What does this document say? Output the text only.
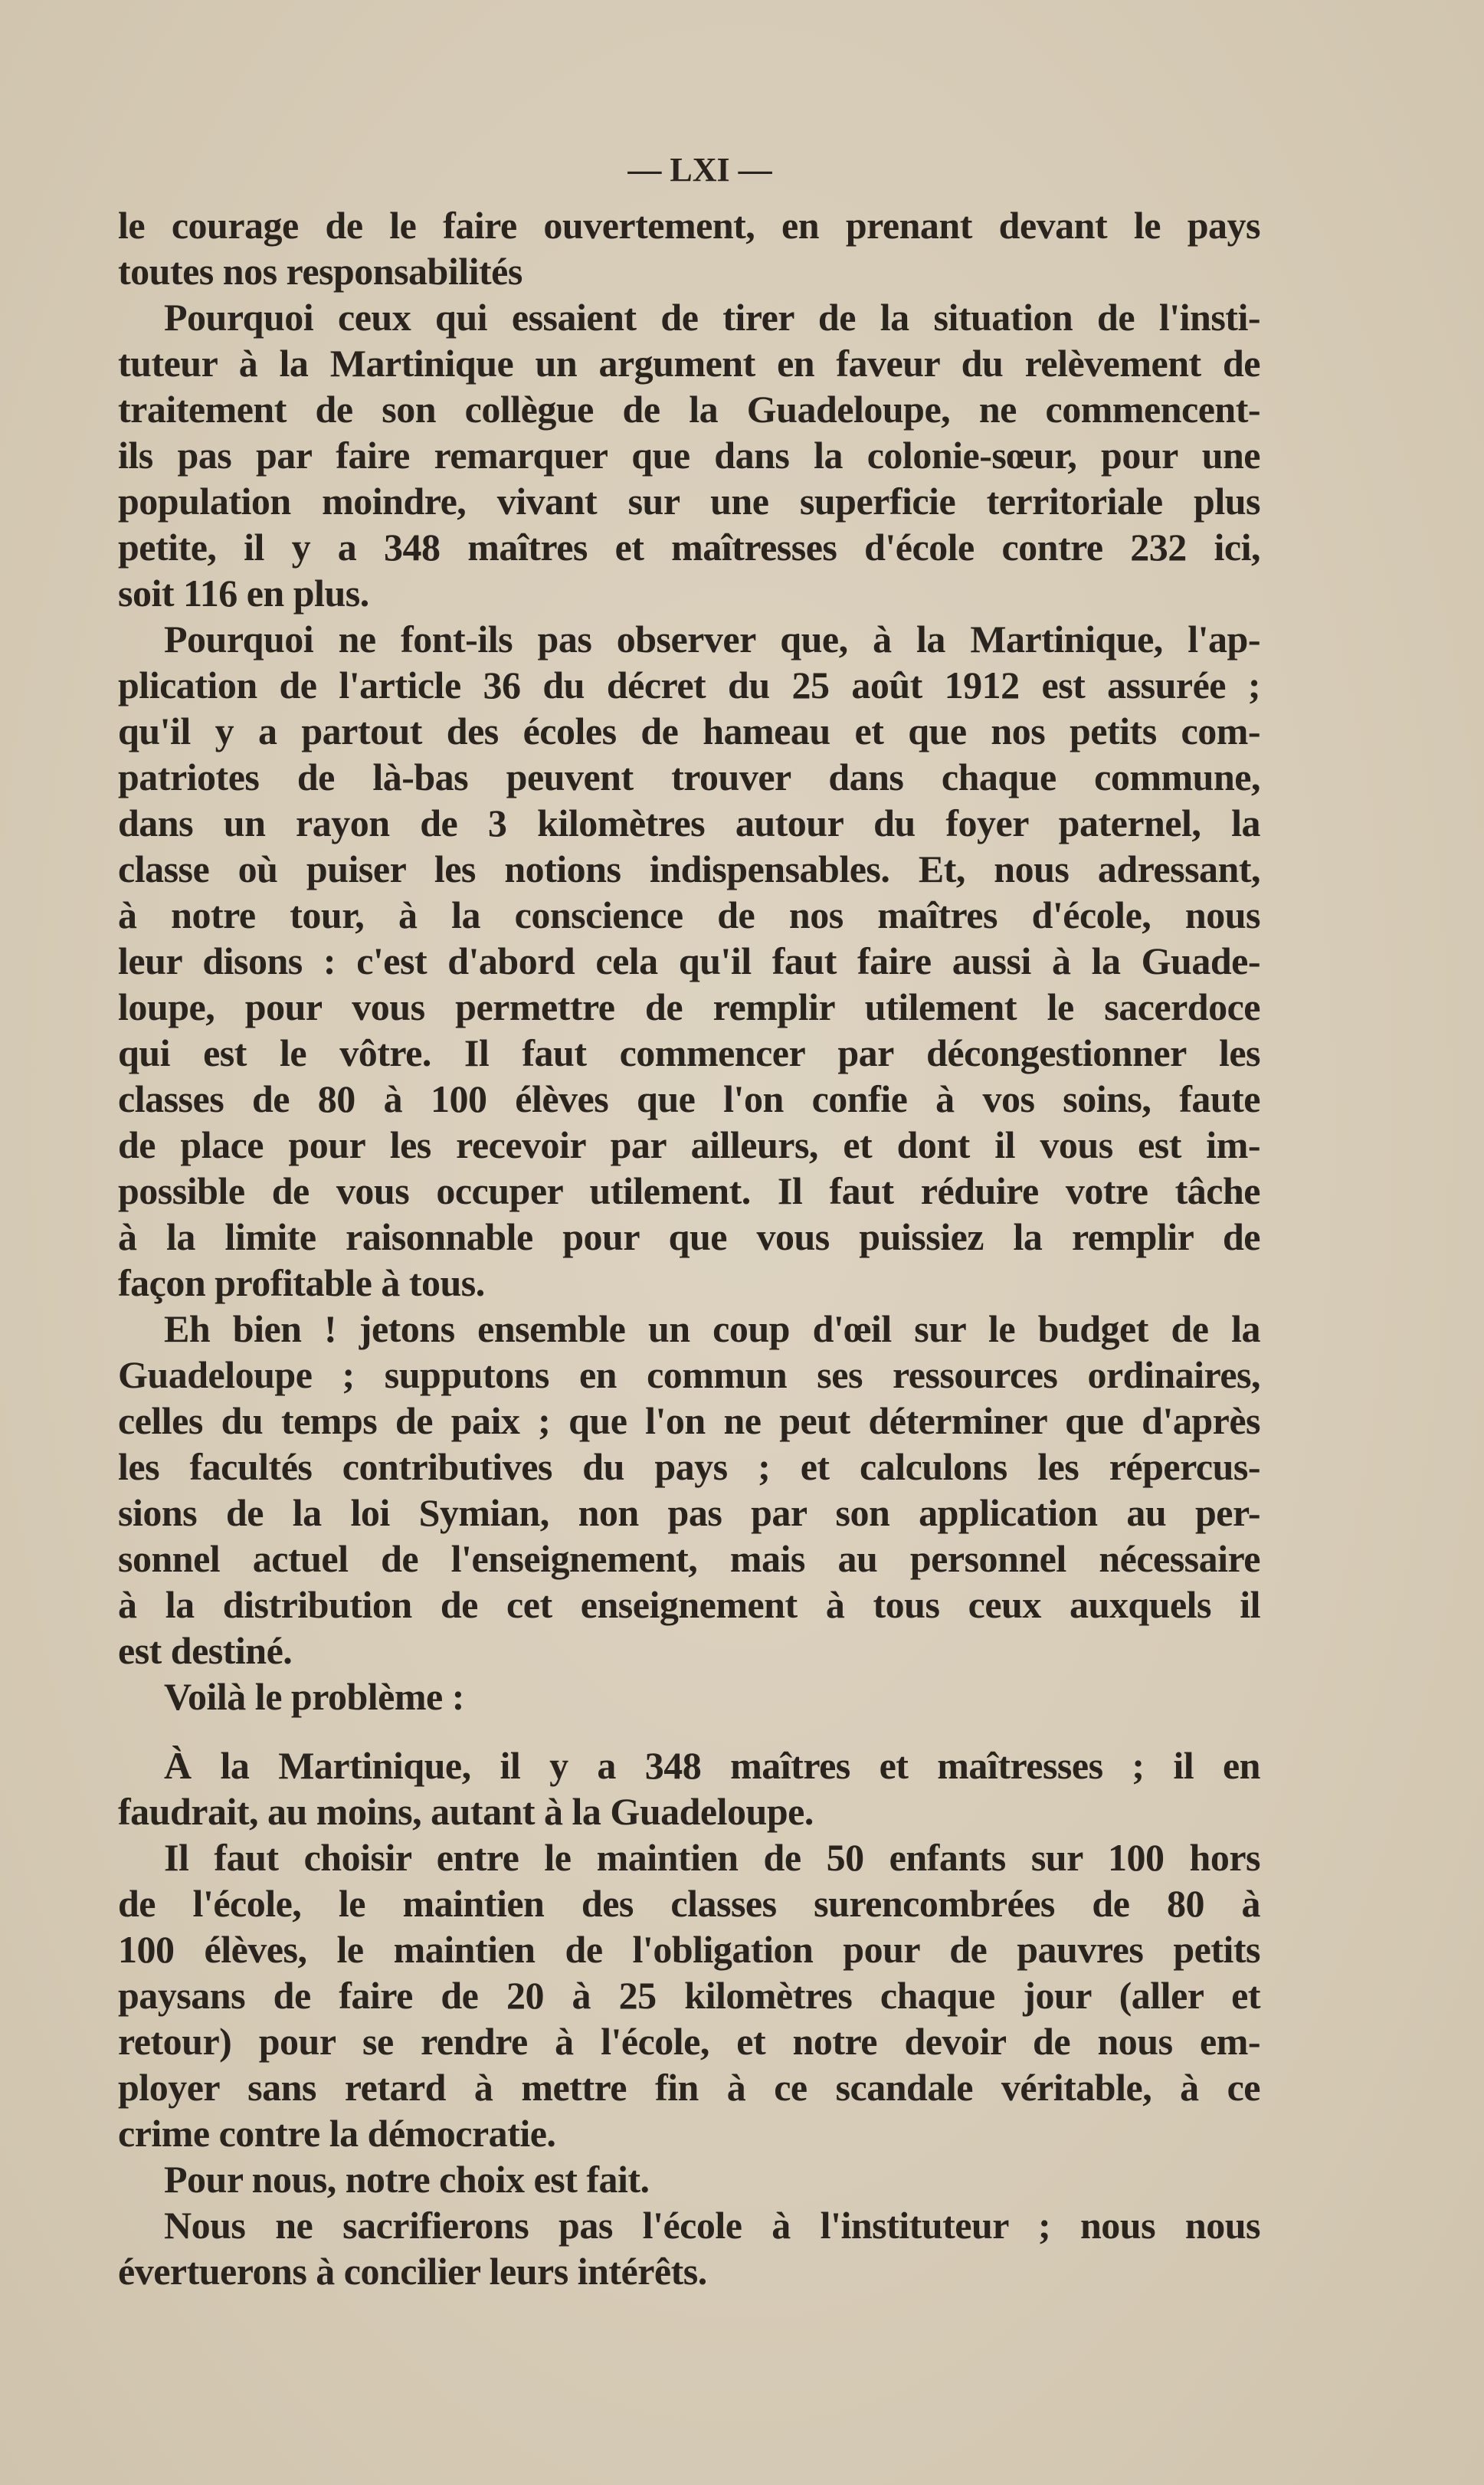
— LXI —
le courage de le faire ouvertement, en prenant devant le pays
toutes nos responsabilités
Pourquoi ceux qui essaient de tirer de la situation de l'insti-
tuteur à la Martinique un argument en faveur du relèvement de
traitement de son collègue de la Guadeloupe, ne commencent-
ils pas par faire remarquer que dans la colonie-sœur, pour une
population moindre, vivant sur une superficie territoriale plus
petite, il y a 348 maîtres et maîtresses d'école contre 232 ici,
soit 116 en plus.
Pourquoi ne font-ils pas observer que, à la Martinique, l'ap-
plication de l'article 36 du décret du 25 août 1912 est assurée ;
qu'il y a partout des écoles de hameau et que nos petits com-
patriotes de là-bas peuvent trouver dans chaque commune,
dans un rayon de 3 kilomètres autour du foyer paternel, la
classe où puiser les notions indispensables. Et, nous adressant,
à notre tour, à la conscience de nos maîtres d'école, nous
leur disons : c'est d'abord cela qu'il faut faire aussi à la Guade-
loupe, pour vous permettre de remplir utilement le sacerdoce
qui est le vôtre. Il faut commencer par décongestionner les
classes de 80 à 100 élèves que l'on confie à vos soins, faute
de place pour les recevoir par ailleurs, et dont il vous est im-
possible de vous occuper utilement. Il faut réduire votre tâche
à la limite raisonnable pour que vous puissiez la remplir de
façon profitable à tous.
Eh bien ! jetons ensemble un coup d'œil sur le budget de la
Guadeloupe ; supputons en commun ses ressources ordinaires,
celles du temps de paix ; que l'on ne peut déterminer que d'après
les facultés contributives du pays ; et calculons les répercus-
sions de la loi Symian, non pas par son application au per-
sonnel actuel de l'enseignement, mais au personnel nécessaire
à la distribution de cet enseignement à tous ceux auxquels il
est destiné.
Voilà le problème :
À la Martinique, il y a 348 maîtres et maîtresses ; il en
faudrait, au moins, autant à la Guadeloupe.
Il faut choisir entre le maintien de 50 enfants sur 100 hors
de l'école, le maintien des classes surencombrées de 80 à
100 élèves, le maintien de l'obligation pour de pauvres petits
paysans de faire de 20 à 25 kilomètres chaque jour (aller et
retour) pour se rendre à l'école, et notre devoir de nous em-
ployer sans retard à mettre fin à ce scandale véritable, à ce
crime contre la démocratie.
Pour nous, notre choix est fait.
Nous ne sacrifierons pas l'école à l'instituteur ; nous nous
évertuerons à concilier leurs intérêts.
